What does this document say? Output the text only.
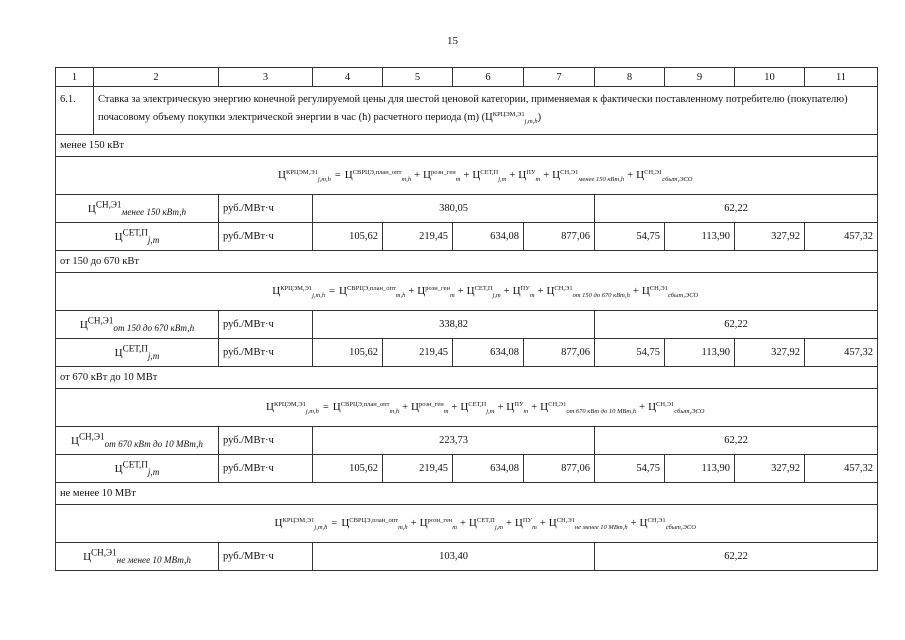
15
1	2	3	4	5	6	7	8	9	10	11
6.1.	Ставка за электрическую энергию конечной регулируемой цены для шестой ценовой категории, применяемая к фактически поставленному потребителю (покупателю) почасовому объему покупки электрической энергии в час (h) расчетного периода (m) $(Ц^{КРЦЭМ,Э1}_{j,m,h})$									
менее 150 кВт										
	$Ц^{КРЦЭМ,Э1}_{j,m,h} = Ц^{СВРЦЭ,план\_опт}_{m,h} + Ц^{розн\_ген}_m + Ц^{СЕТ,П}_{j,m} + Ц^{ПУ}_m + Ц^{СН,Э1}_{менее 150 кВт,h} + Ц^{СН,Э1}_{сбыт,ЭСО}$
$Ц^{СН,Э1}_{менее 150 кВт,h}$		руб./МВт·ч	380,05				62,22			
$Ц^{СЕТ,П}_{j,m}$		руб./МВт·ч	105,62	219,45	634,08	877,06	54,75	113,90	327,92	457,32
от 150 до 670 кВт										
	$Ц^{КРЦЭМ,Э1}_{j,m,h} = Ц^{СВРЦЭ,план\_опт}_{m,h} + Ц^{розн\_ген}_m + Ц^{СЕТ,П}_{j,m} + Ц^{ПУ}_m + Ц^{СН,Э1}_{от 150 до 670 кВт,h} + Ц^{СН,Э1}_{сбыт,ЭСО}$
$Ц^{СН,Э1}_{от 150 до 670 кВт,h}$		руб./МВт·ч	338,82				62,22			
$Ц^{СЕТ,П}_{j,m}$		руб./МВт·ч	105,62	219,45	634,08	877,06	54,75	113,90	327,92	457,32
от 670 кВт до 10 МВт										
	$Ц^{КРЦЭМ,Э1}_{j,m,h} = Ц^{СВРЦЭ,план\_опт}_{m,h} + Ц^{розн\_ген}_m + Ц^{СЕТ,П}_{j,m} + Ц^{ПУ}_m + Ц^{СН,Э1}_{от 670 кВт до 10 МВт,h} + Ц^{СН,Э1}_{сбыт,ЭСО}$
$Ц^{СН,Э1}_{от 670 кВт до 10 МВт,h}$		руб./МВт·ч	223,73				62,22			
$Ц^{СЕТ,П}_{j,m}$		руб./МВт·ч	105,62	219,45	634,08	877,06	54,75	113,90	327,92	457,32
не менее 10 МВт										
	$Ц^{КРЦЭМ,Э1}_{j,m,h} = Ц^{СВРЦЭ,план\_опт}_{m,h} + Ц^{розн\_ген}_m + Ц^{СЕТ,П}_{j,m} + Ц^{ПУ}_m + Ц^{СН,Э1}_{не менее 10 МВт,h} + Ц^{СН,Э1}_{сбыт,ЭСО}$
$Ц^{СН,Э1}_{не менее 10 МВт,h}$		руб./МВт·ч	103,40				62,22			
